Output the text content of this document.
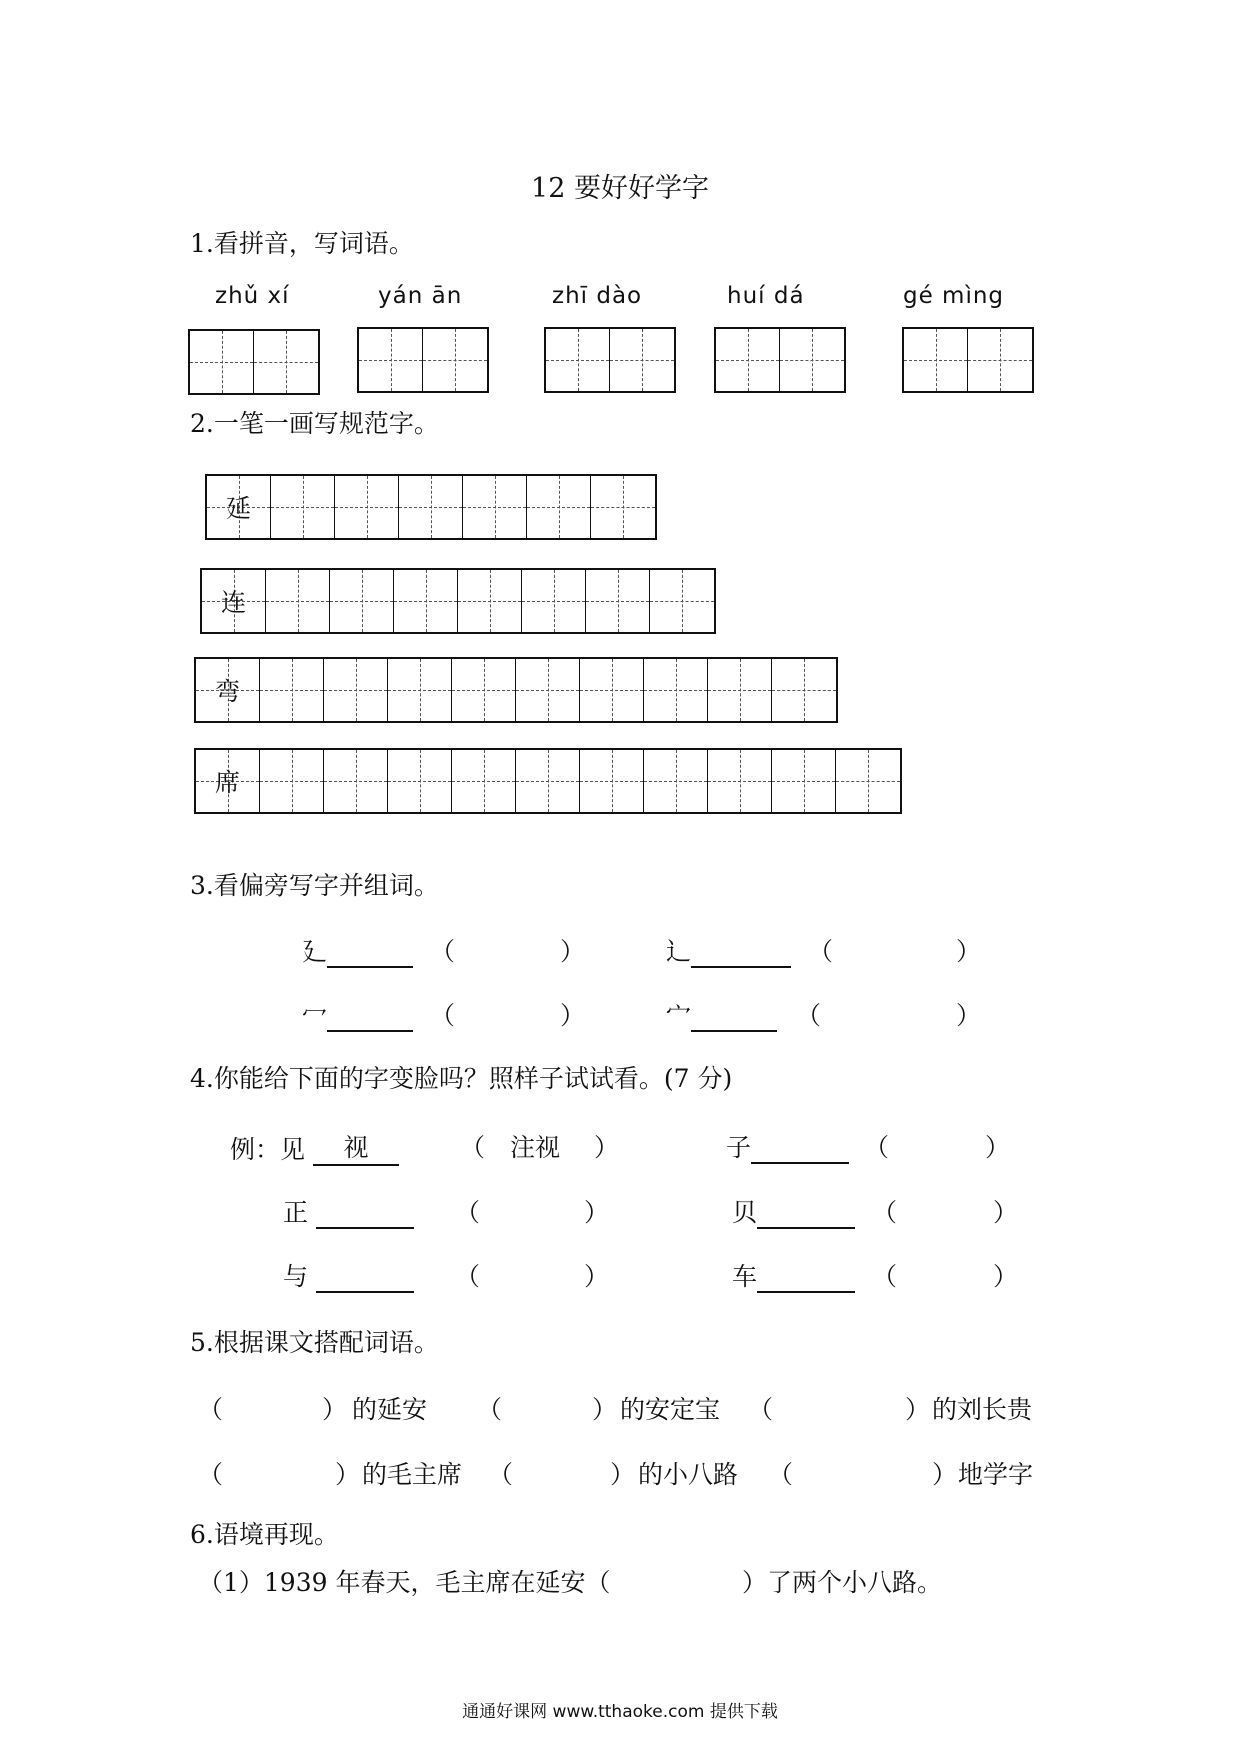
12 要好好学字
1.看拼音，写词语。
zhǔ xí	yán ān	zhī dào	huí dá	gé mìng
2.一笔一画写规范字。
延
连
弯
席
3.看偏旁写字并组词。
廴	（	）	辶	（	）
冖	（	）	宀	（	）
4.你能给下面的字变脸吗？照样子试试看。(7 分)
例：见 视	（ 注视 ）	子	（	）
正	（	）	贝	（	）
与	（	）	车	（	）
5.根据课文搭配词语。
（	） 的延安 （	） 的安定宝 （	） 的刘长贵
（	） 的毛主席 （	） 的小八路 （	） 地学字
6.语境再现。
（1）1939 年春天，毛主席在延安（	）了两个小八路。
通通好课网 www.tthaoke.com 提供下载
